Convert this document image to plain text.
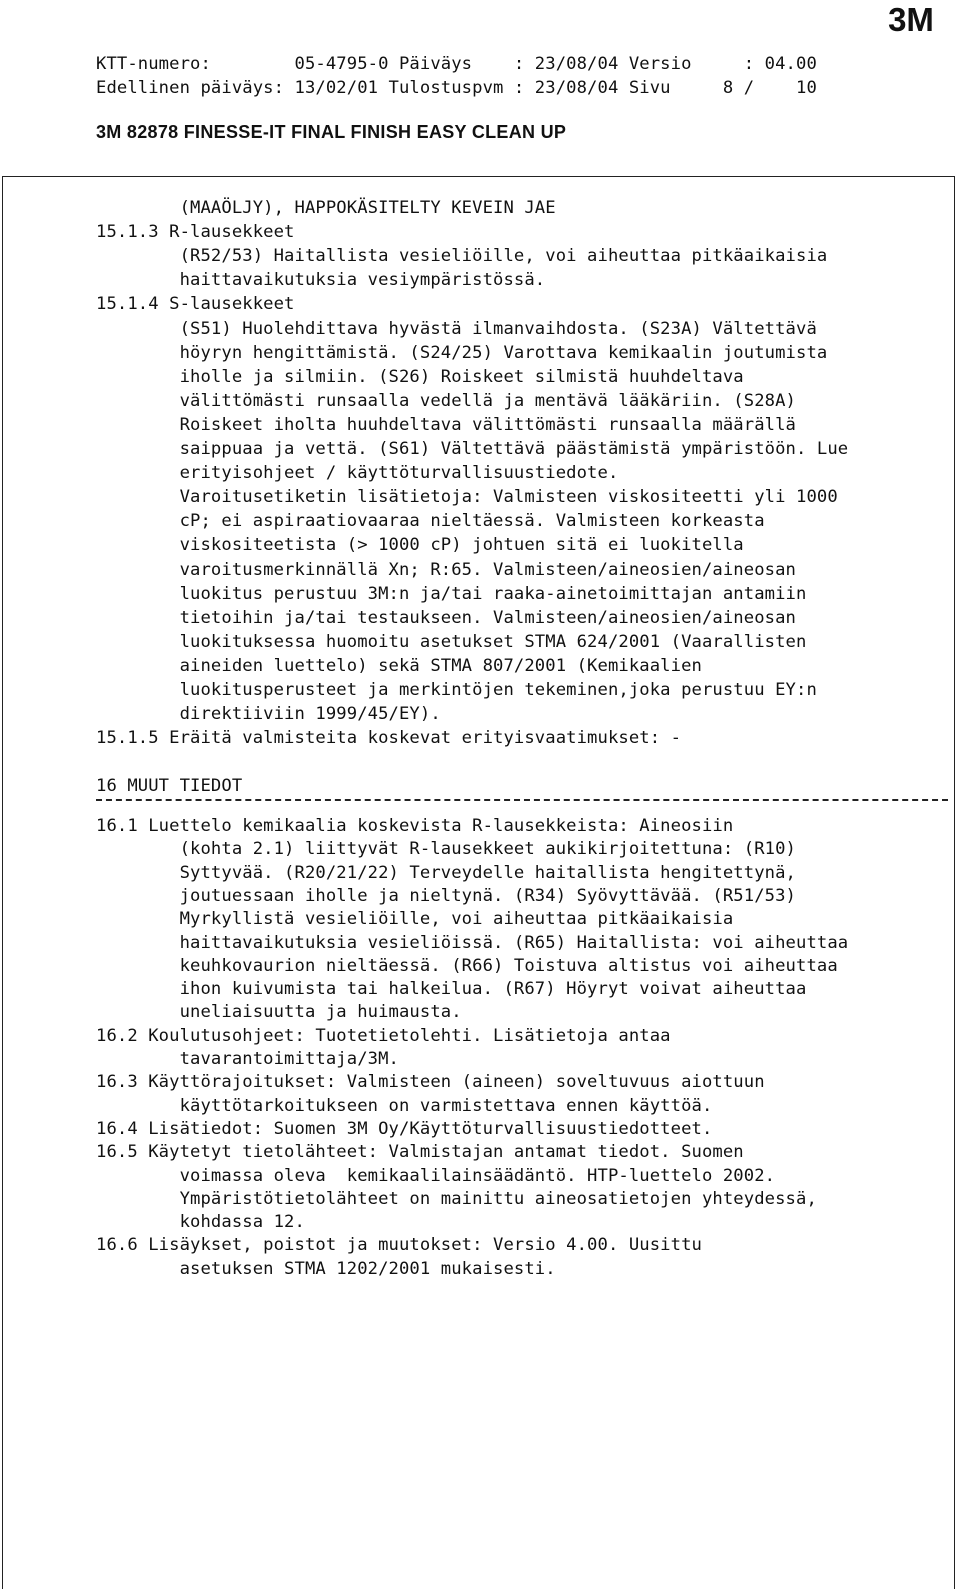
3M
KTT-numero:        05-4795-0 Päiväys    : 23/08/04 Versio     : 04.00
Edellinen päiväys: 13/02/01 Tulostuspvm : 23/08/04 Sivu     8 /    10
3M 82878 FINESSE-IT FINAL FINISH EASY CLEAN UP
(MAAÖLJY), HAPPOKÄSITELTY KEVEIN JAE
15.1.3 R-lausekkeet
(R52/53) Haitallista vesieliöille, voi aiheuttaa pitkäaikaisia
haittavaikutuksia vesiympäristössä.
15.1.4 S-lausekkeet
(S51) Huolehdittava hyvästä ilmanvaihdosta. (S23A) Vältettävä
höyryn hengittämistä. (S24/25) Varottava kemikaalin joutumista
iholle ja silmiin. (S26) Roiskeet silmistä huuhdeltava
välittömästi runsaalla vedellä ja mentävä lääkäriin. (S28A)
Roiskeet iholta huuhdeltava välittömästi runsaalla määrällä
saippuaa ja vettä. (S61) Vältettävä päästämistä ympäristöön. Lue
erityisohjeet / käyttöturvallisuustiedote.
Varoitusetiketin lisätietoja: Valmisteen viskositeetti yli 1000
cP; ei aspiraatiovaaraa nieltäessä. Valmisteen korkeasta
viskositeetista (> 1000 cP) johtuen sitä ei luokitella
varoitusmerkinnällä Xn; R:65. Valmisteen/aineosien/aineosan
luokitus perustuu 3M:n ja/tai raaka-ainetoimittajan antamiin
tietoihin ja/tai testaukseen. Valmisteen/aineosien/aineosan
luokituksessa huomoitu asetukset STMA 624/2001 (Vaarallisten
aineiden luettelo) sekä STMA 807/2001 (Kemikaalien
luokitusperusteet ja merkintöjen tekeminen,joka perustuu EY:n
direktiiviin 1999/45/EY).
15.1.5 Eräitä valmisteita koskevat erityisvaatimukset: -
16 MUUT TIEDOT
16.1 Luettelo kemikaalia koskevista R-lausekkeista: Aineosiin
(kohta 2.1) liittyvät R-lausekkeet aukikirjoitettuna: (R10)
Syttyvää. (R20/21/22) Terveydelle haitallista hengitettynä,
joutuessaan iholle ja nieltynä. (R34) Syövyttävää. (R51/53)
Myrkyllistä vesieliöille, voi aiheuttaa pitkäaikaisia
haittavaikutuksia vesieliöissä. (R65) Haitallista: voi aiheuttaa
keuhkovaurion nieltäessä. (R66) Toistuva altistus voi aiheuttaa
ihon kuivumista tai halkeilua. (R67) Höyryt voivat aiheuttaa
uneliaisuutta ja huimausta.
16.2 Koulutusohjeet: Tuotetietolehti. Lisätietoja antaa
tavarantoimittaja/3M.
16.3 Käyttörajoitukset: Valmisteen (aineen) soveltuvuus aiottuun
käyttötarkoitukseen on varmistettava ennen käyttöä.
16.4 Lisätiedot: Suomen 3M Oy/Käyttöturvallisuustiedotteet.
16.5 Käytetyt tietolähteet: Valmistajan antamat tiedot. Suomen
voimassa oleva  kemikaalilainsäädäntö. HTP-luettelo 2002.
Ympäristötietolähteet on mainittu aineosatietojen yhteydessä,
kohdassa 12.
16.6 Lisäykset, poistot ja muutokset: Versio 4.00. Uusittu
asetuksen STMA 1202/2001 mukaisesti.
